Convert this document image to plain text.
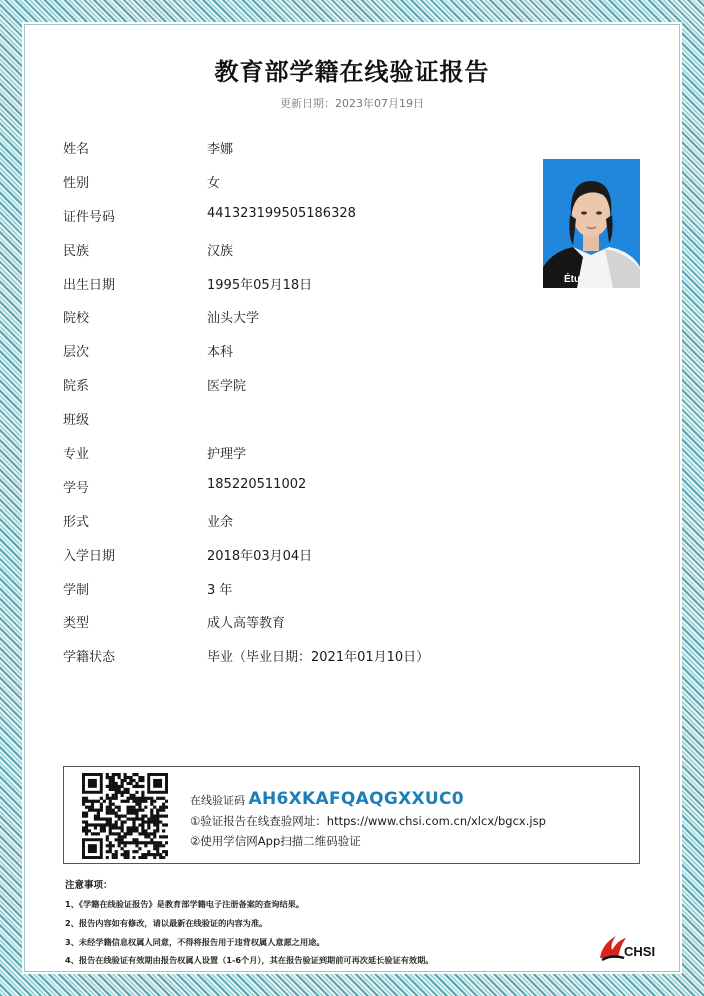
教育部学籍在线验证报告
更新日期：2023年07月19日
姓名	李娜
性别	女
证件号码	441323199505186328
民族	汉族
出生日期	1995年05月18日
院校	汕头大学
层次	本科
院系	医学院
班级
专业	护理学
学号	185220511002
形式	业余
入学日期	2018年03月04日
学制	3 年
类型	成人高等教育
学籍状态	毕业（毕业日期：2021年01月10日）
Étu
在线验证码 AH6XKAFQAQGXXUC0
①验证报告在线查验网址：https://www.chsi.com.cn/xlcx/bgcx.jsp
②使用学信网App扫描二维码验证
注意事项：
1、《学籍在线验证报告》是教育部学籍电子注册备案的查询结果。
2、报告内容如有修改，请以最新在线验证的内容为准。
3、未经学籍信息权属人同意，不得将报告用于违背权属人意愿之用途。
4、报告在线验证有效期由报告权属人设置（1-6个月），其在报告验证到期前可再次延长验证有效期。
CHSI
